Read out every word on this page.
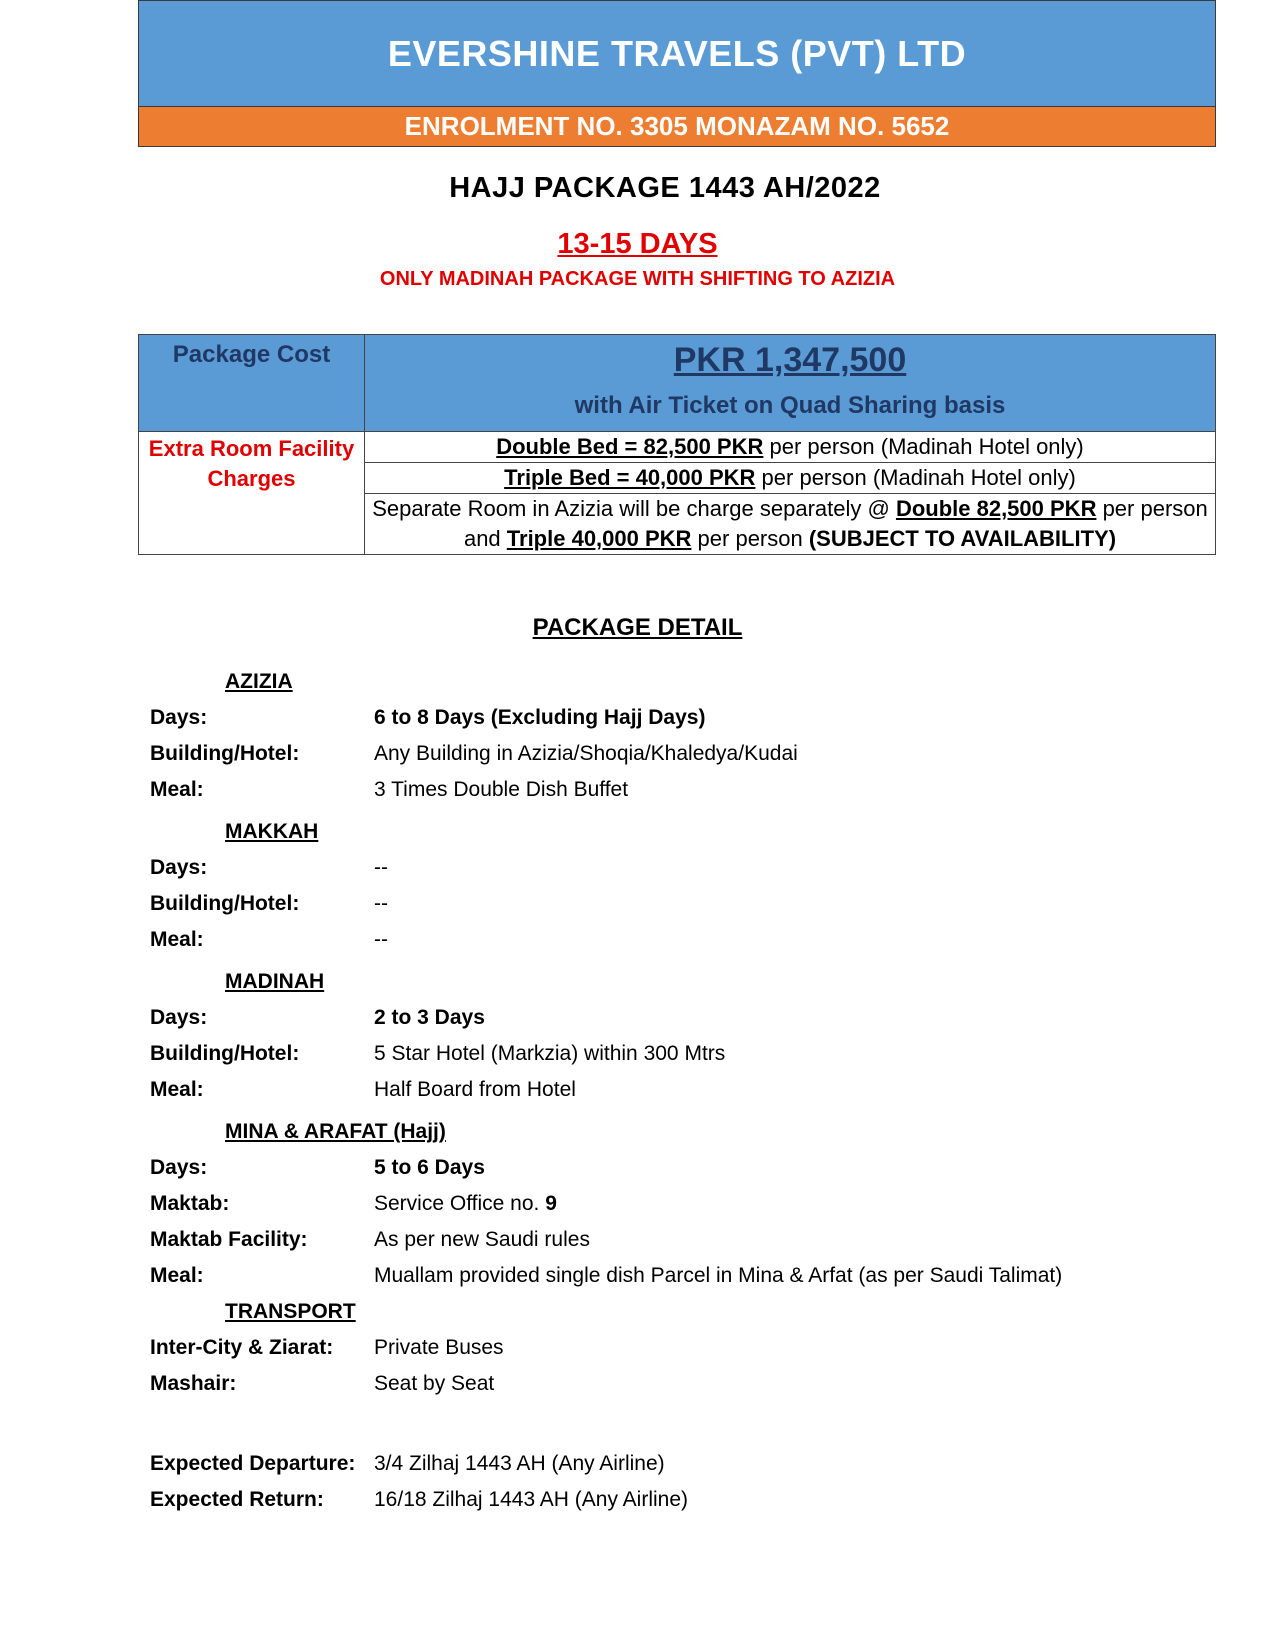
EVERSHINE TRAVELS (PVT) LTD
ENROLMENT NO. 3305 MONAZAM NO. 5652
HAJJ PACKAGE 1443 AH/2022
13-15 DAYS
ONLY MADINAH PACKAGE WITH SHIFTING TO AZIZIA
Package Cost	PKR 1,347,500
with Air Ticket on Quad Sharing basis

Extra Room Facility Charges	Double Bed = 82,500 PKR per person (Madinah Hotel only)
	Triple Bed = 40,000 PKR per person (Madinah Hotel only)
	Separate Room in Azizia will be charge separately @ Double 82,500 PKR per person and Triple 40,000 PKR per person (SUBJECT TO AVAILABILITY)
PACKAGE DETAIL
AZIZIA
Days:	6 to 8 Days (Excluding Hajj Days)
Building/Hotel:	Any Building in Azizia/Shoqia/Khaledya/Kudai
Meal:	3 Times Double Dish Buffet
MAKKAH
Days:	--
Building/Hotel:	--
Meal:	--
MADINAH
Days:	2 to 3 Days
Building/Hotel:	5 Star Hotel (Markzia) within 300 Mtrs
Meal:	Half Board from Hotel
MINA & ARAFAT (Hajj)
Days:	5 to 6 Days
Maktab:	Service Office no. 9
Maktab Facility:	As per new Saudi rules
Meal:	Muallam provided single dish Parcel in Mina & Arfat (as per Saudi Talimat)
TRANSPORT
Inter-City & Ziarat:	Private Buses
Mashair:	Seat by Seat
Expected Departure: 3/4 Zilhaj 1443 AH (Any Airline)
Expected Return:	16/18 Zilhaj 1443 AH (Any Airline)
